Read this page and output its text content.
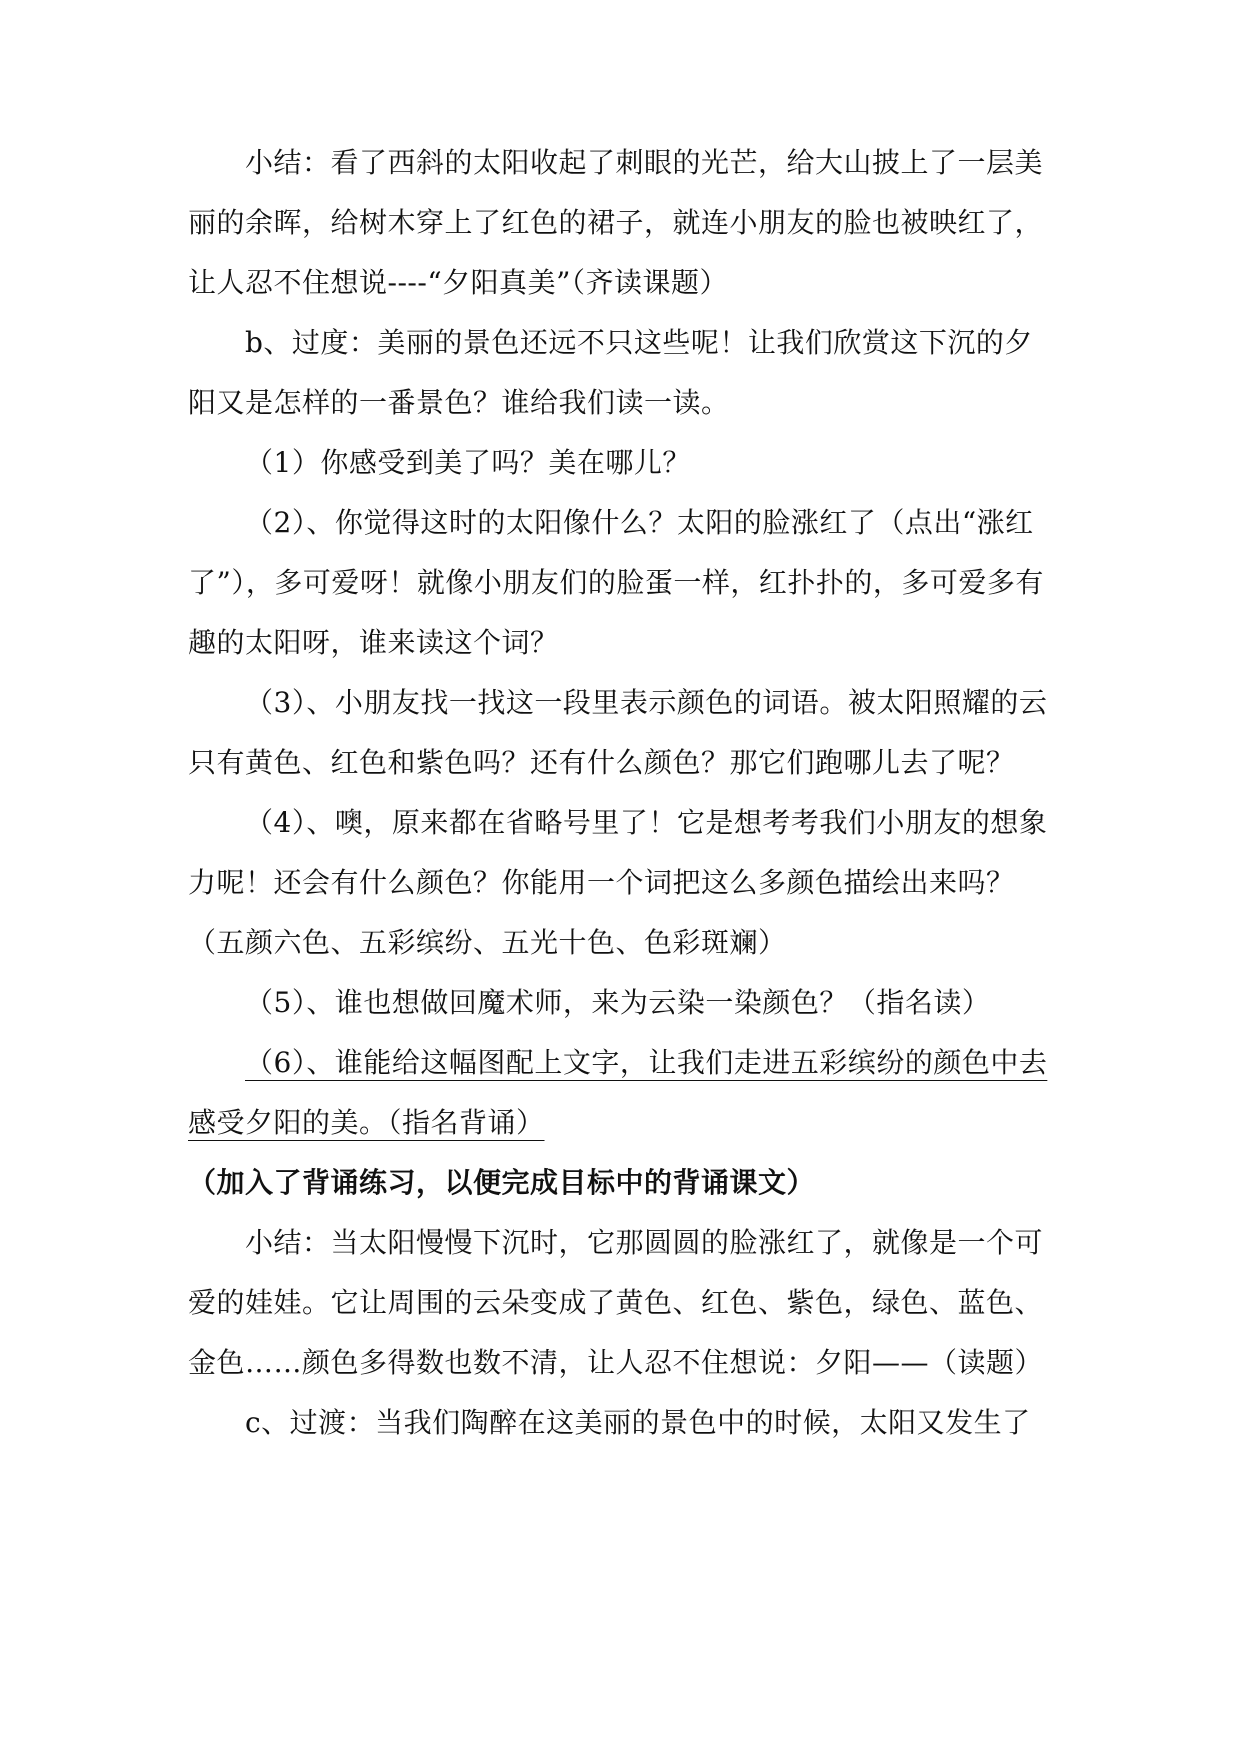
小结：看了西斜的太阳收起了刺眼的光芒，给大山披上了一层美
丽的余晖，给树木穿上了红色的裙子，就连小朋友的脸也被映红了，
让人忍不住想说----“夕阳真美”（齐读课题）
b、过度：美丽的景色还远不只这些呢！让我们欣赏这下沉的夕
阳又是怎样的一番景色？谁给我们读一读。
（1）你感受到美了吗？美在哪儿？
（2）、你觉得这时的太阳像什么？太阳的脸涨红了（点出“涨红
了”），多可爱呀！就像小朋友们的脸蛋一样，红扑扑的，多可爱多有
趣的太阳呀，谁来读这个词？
（3）、小朋友找一找这一段里表示颜色的词语。被太阳照耀的云
只有黄色、红色和紫色吗？还有什么颜色？那它们跑哪儿去了呢？
（4）、噢，原来都在省略号里了！它是想考考我们小朋友的想象
力呢！还会有什么颜色？你能用一个词把这么多颜色描绘出来吗？
（五颜六色、五彩缤纷、五光十色、色彩斑斓）
（5）、谁也想做回魔术师，来为云染一染颜色？（指名读）
（6）、谁能给这幅图配上文字，让我们走进五彩缤纷的颜色中去
感受夕阳的美。（指名背诵）
（加入了背诵练习，以便完成目标中的背诵课文）
小结：当太阳慢慢下沉时，它那圆圆的脸涨红了，就像是一个可
爱的娃娃。它让周围的云朵变成了黄色、红色、紫色，绿色、蓝色、
金色……颜色多得数也数不清，让人忍不住想说：夕阳——（读题）
c、过渡：当我们陶醉在这美丽的景色中的时候，太阳又发生了
